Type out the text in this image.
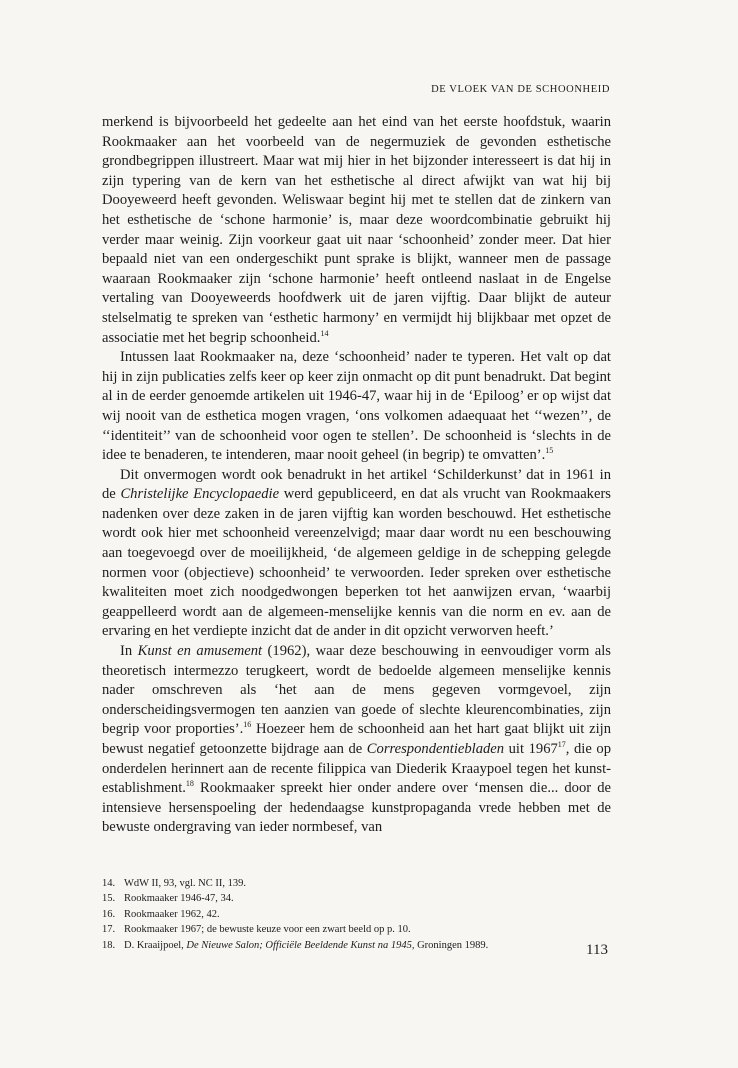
DE VLOEK VAN DE SCHOONHEID

merkend is bijvoorbeeld het gedeelte aan het eind van het eerste hoofdstuk, waarin Rookmaaker aan het voorbeeld van de negermuziek de gevonden esthetische grondbegrippen illustreert. Maar wat mij hier in het bijzonder interesseert is dat hij in zijn typering van de kern van het esthetische al direct afwijkt van wat hij bij Dooyeweerd heeft gevonden. Weliswaar begint hij met te stellen dat de zinkern van het esthetische de ‘schone harmonie’ is, maar deze woordcombinatie gebruikt hij verder maar weinig. Zijn voorkeur gaat uit naar ‘schoonheid’ zonder meer. Dat hier bepaald niet van een ondergeschikt punt sprake is blijkt, wanneer men de passage waaraan Rookmaaker zijn ‘schone harmonie’ heeft ontleend naslaat in de Engelse vertaling van Dooyeweerds hoofdwerk uit de jaren vijftig. Daar blijkt de auteur stelselmatig te spreken van ‘esthetic harmony’ en vermijdt hij blijkbaar met opzet de associatie met het begrip schoonheid.$^{14}$

Intussen laat Rookmaaker na, deze ‘schoonheid’ nader te typeren. Het valt op dat hij in zijn publicaties zelfs keer op keer zijn onmacht op dit punt benadrukt. Dat begint al in de eerder genoemde artikelen uit 1946-47, waar hij in de ‘Epiloog’ er op wijst dat wij nooit van de esthetica mogen vragen, ‘ons volkomen adaequaat het ‘‘wezen’’, de ‘‘identiteit’’ van de schoonheid voor ogen te stellen’. De schoonheid is ‘slechts in de idee te benaderen, te intenderen, maar nooit geheel (in begrip) te omvatten’.$^{15}$

Dit onvermogen wordt ook benadrukt in het artikel ‘Schilderkunst’ dat in 1961 in de Christelijke Encyclopaedie werd gepubliceerd, en dat als vrucht van Rookmaakers nadenken over deze zaken in de jaren vijftig kan worden beschouwd. Het esthetische wordt ook hier met schoonheid vereenzelvigd; maar daar wordt nu een beschouwing aan toegevoegd over de moeilijkheid, ‘de algemeen geldige in de schepping gelegde normen voor (objectieve) schoonheid’ te verwoorden. Ieder spreken over esthetische kwaliteiten moet zich noodgedwongen beperken tot het aanwijzen ervan, ‘waarbij geappelleerd wordt aan de algemeen-menselijke kennis van die norm en ev. aan de ervaring en het verdiepte inzicht dat de ander in dit opzicht verworven heeft.’

In Kunst en amusement (1962), waar deze beschouwing in eenvoudiger vorm als theoretisch intermezzo terugkeert, wordt de bedoelde algemeen menselijke kennis nader omschreven als ‘het aan de mens gegeven vormgevoel, zijn onderscheidingsvermogen ten aanzien van goede of slechte kleurencombinaties, zijn begrip voor proporties’.$^{16}$ Hoezeer hem de schoonheid aan het hart gaat blijkt uit zijn bewust negatief getoonzette bijdrage aan de Correspondentiebladen uit 1967$^{17}$, die op onderdelen herinnert aan de recente filippica van Diederik Kraaypoel tegen het kunst-establishment.$^{18}$ Rookmaaker spreekt hier onder andere over ‘mensen die... door de intensieve hersenspoeling der hedendaagse kunstpropaganda vrede hebben met de bewuste ondergraving van ieder normbesef, van

14. WdW II, 93, vgl. NC II, 139.
15. Rookmaaker 1946-47, 34.
16. Rookmaaker 1962, 42.
17. Rookmaaker 1967; de bewuste keuze voor een zwart beeld op p. 10.
18. D. Kraaijpoel, De Nieuwe Salon; Officiële Beeldende Kunst na 1945, Groningen 1989.	113
